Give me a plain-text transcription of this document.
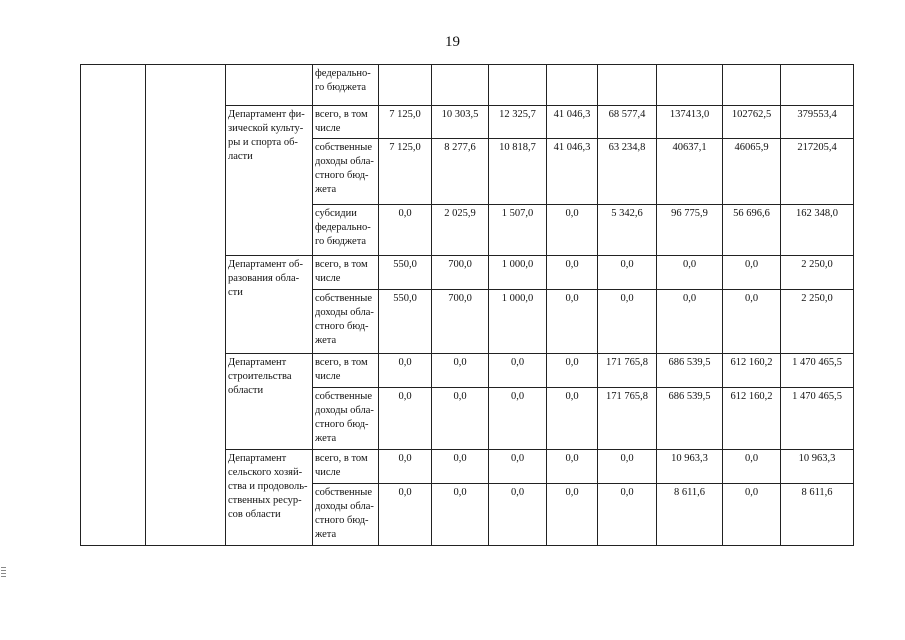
19
			федерально-
го бюджета								
		Департамент фи-
зической культу-
ры и спорта об-
ласти	всего, в том
числе	7 125,0	10 303,5	12 325,7	41 046,3	68 577,4	137413,0	102762,5	379553,4
			собственные
доходы обла-
стного бюд-
жета	7 125,0	8 277,6	10 818,7	41 046,3	63 234,8	40637,1	46065,9	217205,4
			субсидии
федерально-
го бюджета	0,0	2 025,9	1 507,0	0,0	5 342,6	96 775,9	56 696,6	162 348,0
		Департамент об-
разования обла-
сти	всего, в том
числе	550,0	700,0	1 000,0	0,0	0,0	0,0	0,0	2 250,0
			собственные
доходы обла-
стного бюд-
жета	550,0	700,0	1 000,0	0,0	0,0	0,0	0,0	2 250,0
		Департамент
строительства
области	всего, в том
числе	0,0	0,0	0,0	0,0	171 765,8	686 539,5	612 160,2	1 470 465,5
			собственные
доходы обла-
стного бюд-
жета	0,0	0,0	0,0	0,0	171 765,8	686 539,5	612 160,2	1 470 465,5
		Департамент
сельского хозяй-
ства и продоволь-
ственных ресур-
сов области	всего, в том
числе	0,0	0,0	0,0	0,0	0,0	10 963,3	0,0	10 963,3
			собственные
доходы обла-
стного бюд-
жета	0,0	0,0	0,0	0,0	0,0	8 611,6	0,0	8 611,6
